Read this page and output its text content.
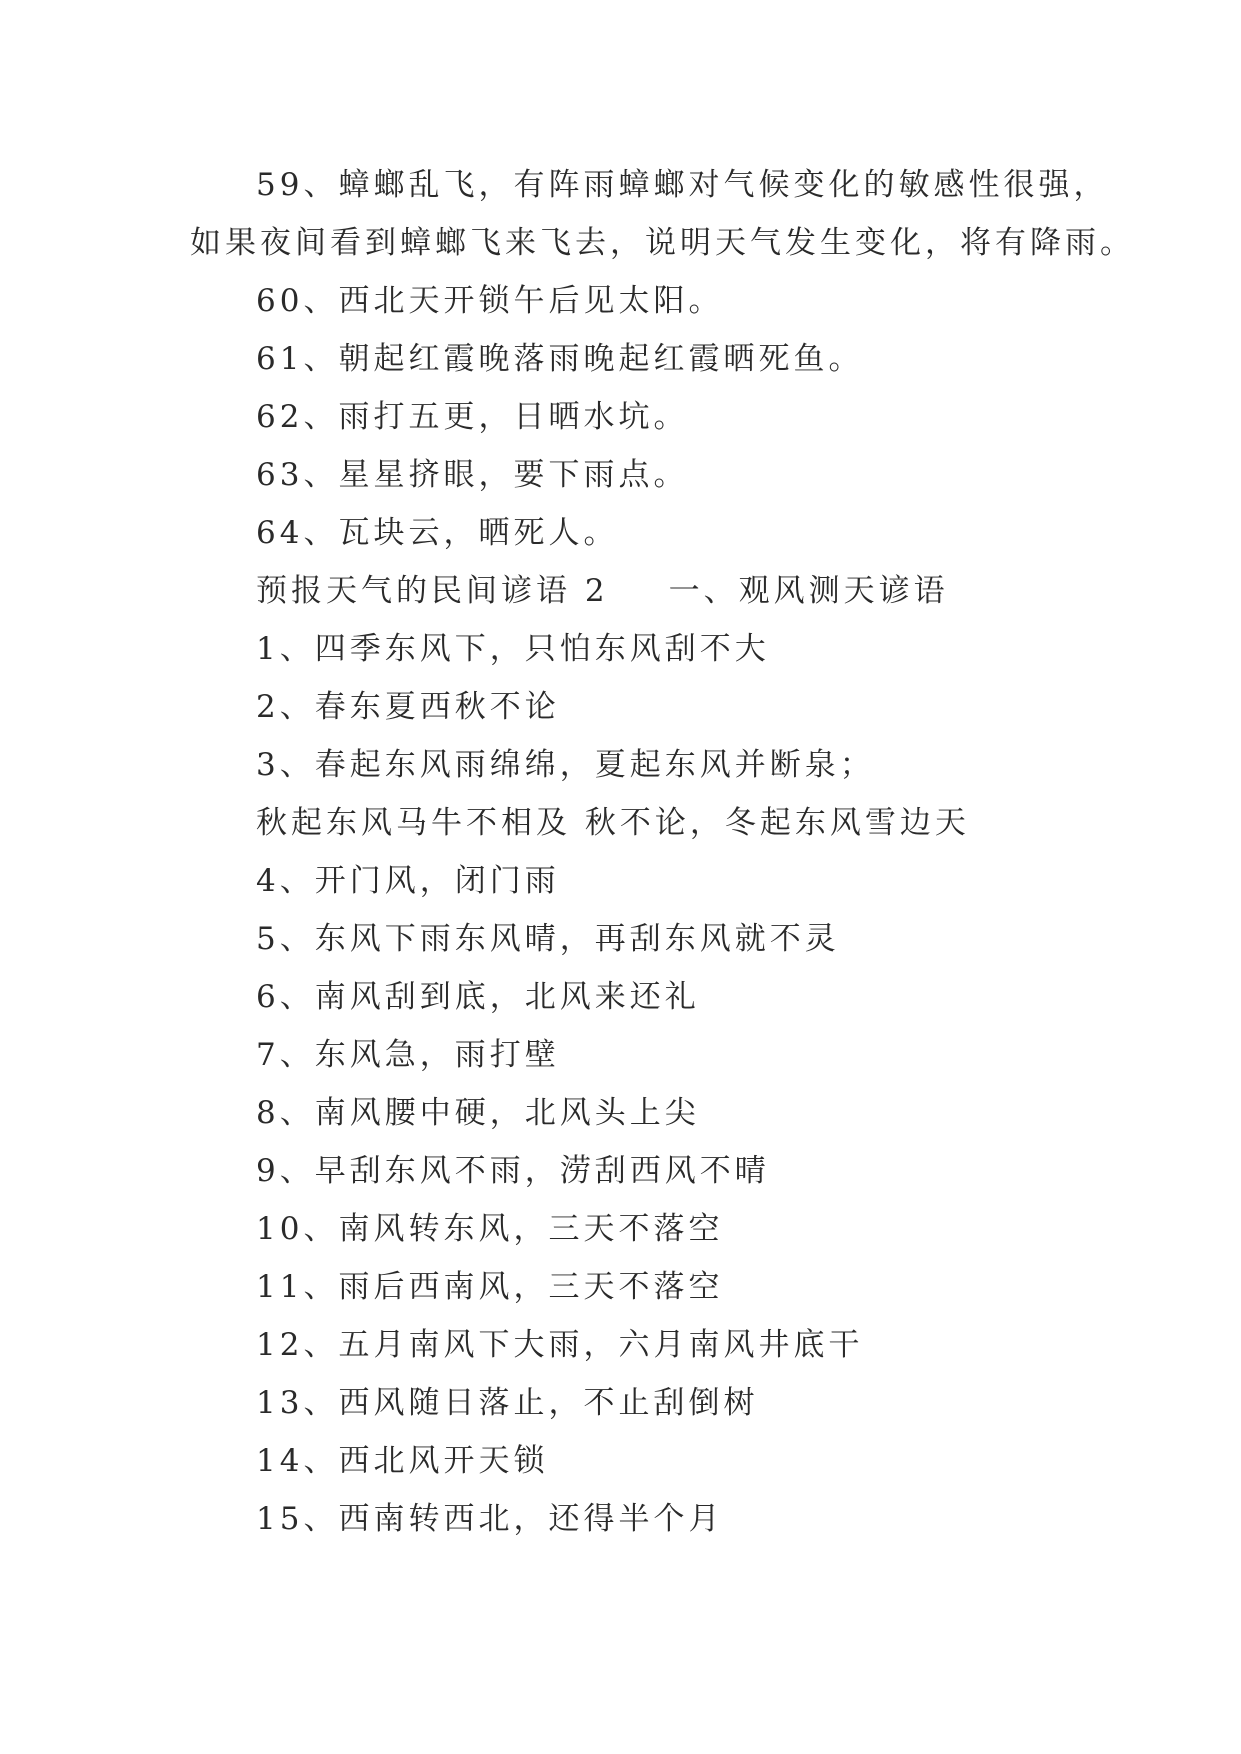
59、蟑螂乱飞，有阵雨蟑螂对气候变化的敏感性很强，
如果夜间看到蟑螂飞来飞去，说明天气发生变化，将有降雨。
60、西北天开锁午后见太阳。
61、朝起红霞晚落雨晚起红霞晒死鱼。
62、雨打五更，日晒水坑。
63、星星挤眼，要下雨点。
64、瓦块云，晒死人。
预报天气的民间谚语 2 一、观风测天谚语
1、四季东风下，只怕东风刮不大
2、春东夏西秋不论
3、春起东风雨绵绵，夏起东风并断泉；
秋起东风马牛不相及 秋不论，冬起东风雪边天
4、开门风，闭门雨
5、东风下雨东风晴，再刮东风就不灵
6、南风刮到底，北风来还礼
7、东风急，雨打壁
8、南风腰中硬，北风头上尖
9、早刮东风不雨，涝刮西风不晴
10、南风转东风，三天不落空
11、雨后西南风，三天不落空
12、五月南风下大雨，六月南风井底干
13、西风随日落止，不止刮倒树
14、西北风开天锁
15、西南转西北，还得半个月
